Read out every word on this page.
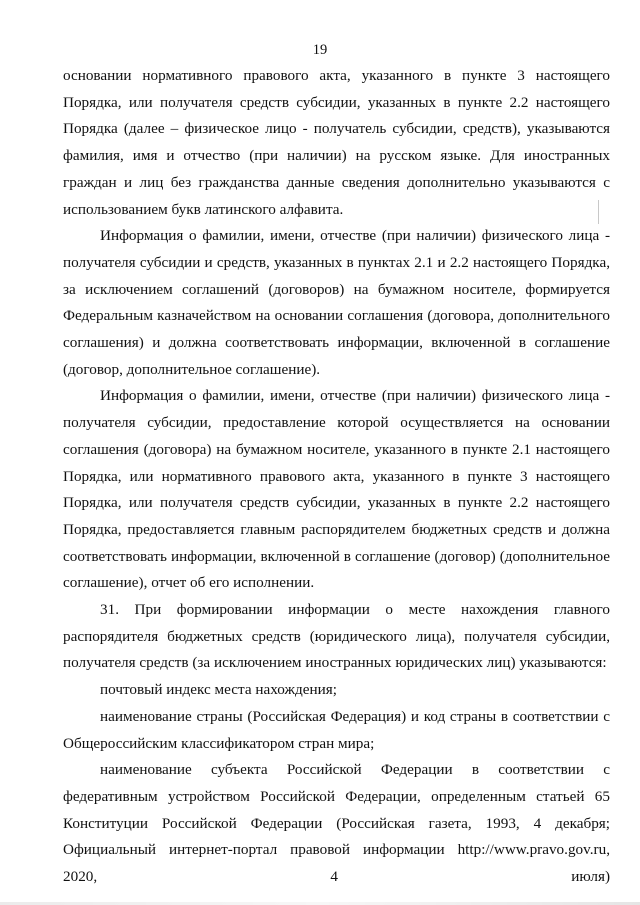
19

основании нормативного правового акта, указанного в пункте 3 настоящего Порядка, или получателя средств субсидии, указанных в пункте 2.2 настоящего Порядка (далее – физическое лицо - получатель субсидии, средств), указываются фамилия, имя и отчество (при наличии) на русском языке. Для иностранных граждан и лиц без гражданства данные сведения дополнительно указываются с использованием букв латинского алфавита.

Информация о фамилии, имени, отчестве (при наличии) физического лица - получателя субсидии и средств, указанных в пунктах 2.1 и 2.2 настоящего Порядка, за исключением соглашений (договоров) на бумажном носителе, формируется Федеральным казначейством на основании соглашения (договора, дополнительного соглашения) и должна соответствовать информации, включенной в соглашение (договор, дополнительное соглашение).

Информация о фамилии, имени, отчестве (при наличии) физического лица - получателя субсидии, предоставление которой осуществляется на основании соглашения (договора) на бумажном носителе, указанного в пункте 2.1 настоящего Порядка, или нормативного правового акта, указанного в пункте 3 настоящего Порядка, или получателя средств субсидии, указанных в пункте 2.2 настоящего Порядка, предоставляется главным распорядителем бюджетных средств и должна соответствовать информации, включенной в соглашение (договор) (дополнительное соглашение), отчет об его исполнении.

31. При формировании информации о месте нахождения главного распорядителя бюджетных средств (юридического лица), получателя субсидии, получателя средств (за исключением иностранных юридических лиц) указываются:

почтовый индекс места нахождения;

наименование страны (Российская Федерация) и код страны в соответствии с Общероссийским классификатором стран мира;

наименование субъекта Российской Федерации в соответствии с федеративным устройством Российской Федерации, определенным статьей 65 Конституции Российской Федерации (Российская газета, 1993, 4 декабря; Официальный интернет-портал правовой информации http://www.pravo.gov.ru, 2020, 4 июля)
